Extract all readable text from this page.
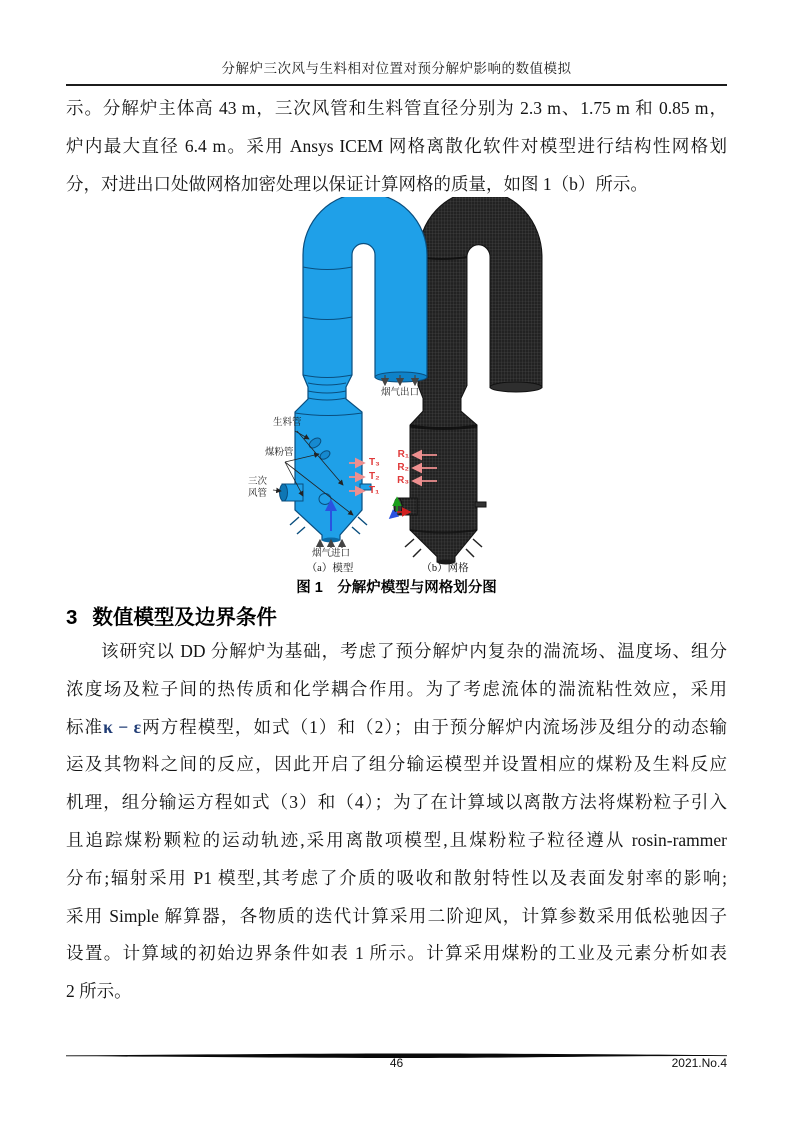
分解炉三次风与生料相对位置对预分解炉影响的数值模拟
示。分解炉主体高 43 m，三次风管和生料管直径分别为 2.3 m、1.75 m 和 0.85 m，
炉内最大直径 6.4 m。采用 Ansys ICEM 网格离散化软件对模型进行结构性网格划
分，对进出口处做网格加密处理以保证计算网格的质量，如图 1（b）所示。
生料管
煤粉管
三次
风管
烟气出口
烟气进口
T₃
T₂
T₁
R₁
R₂
R₃
（a）模型	（b）网格
图 1　分解炉模型与网格划分图
3 数值模型及边界条件
该研究以 DD 分解炉为基础，考虑了预分解炉内复杂的湍流场、温度场、组分
浓度场及粒子间的热传质和化学耦合作用。为了考虑流体的湍流粘性效应，采用
标准κ − ε两方程模型，如式（1）和（2）；由于预分解炉内流场涉及组分的动态输
运及其物料之间的反应，因此开启了组分输运模型并设置相应的煤粉及生料反应
机理，组分输运方程如式（3）和（4）；为了在计算域以离散方法将煤粉粒子引入
且追踪煤粉颗粒的运动轨迹,采用离散项模型,且煤粉粒子粒径遵从 rosin-rammer
分布;辐射采用 P1 模型,其考虑了介质的吸收和散射特性以及表面发射率的影响;
采用 Simple 解算器，各物质的迭代计算采用二阶迎风，计算参数采用低松驰因子
设置。计算域的初始边界条件如表 1 所示。计算采用煤粉的工业及元素分析如表
2 所示。
46	2021.No.4
